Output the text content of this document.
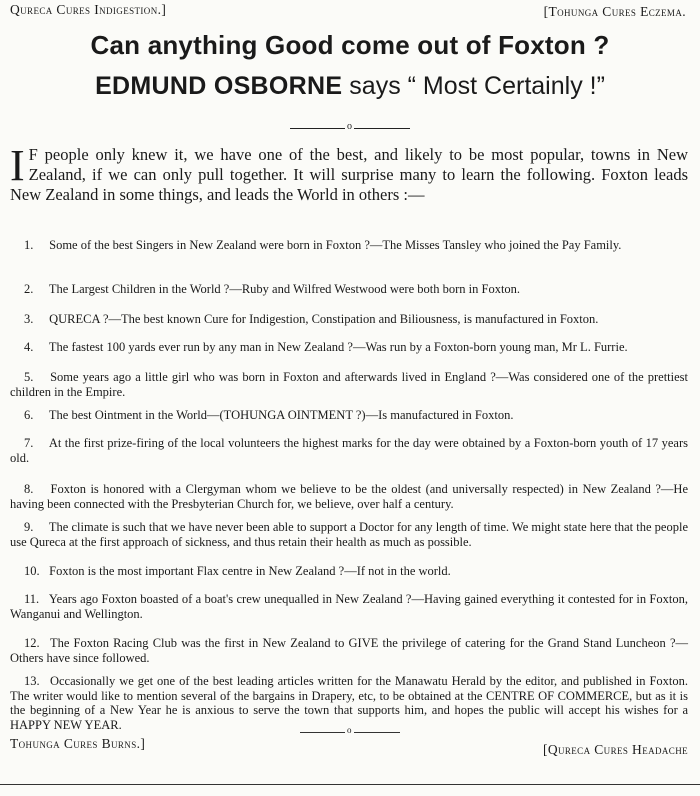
Qureca Cures Indigestion.]	[Tohunga Cures Eczema.
Can anything Good come out of Foxton ?
EDMUND OSBORNE says “ Most Certainly !”
o
I F people only knew it, we have one of the best, and likely to be most popular, towns in New Zealand, if we can only pull together. It will surprise many to learn the following. Foxton leads New Zealand in some things, and leads the World in others :—
1. Some of the best Singers in New Zealand were born in Foxton ?—The Misses Tansley who joined the Pay Family.
2. The Largest Children in the World ?—Ruby and Wilfred Westwood were both born in Foxton.
3. QURECA ?—The best known Cure for Indigestion, Constipation and Biliousness, is manufactured in Foxton.
4. The fastest 100 yards ever run by any man in New Zealand ?—Was run by a Foxton-born young man, Mr L. Furrie.
5. Some years ago a little girl who was born in Foxton and afterwards lived in England ?—Was considered one of the prettiest children in the Empire.
6. The best Ointment in the World—(TOHUNGA OINTMENT ?)—Is manufactured in Foxton.
7. At the first prize-firing of the local volunteers the highest marks for the day were obtained by a Foxton-born youth of 17 years old.
8. Foxton is honored with a Clergyman whom we believe to be the oldest (and universally respected) in New Zealand ?—He having been connected with the Presbyterian Church for, we believe, over half a century.
9. The climate is such that we have never been able to support a Doctor for any length of time. We might state here that the people use Qureca at the first approach of sickness, and thus retain their health as much as possible.
10. Foxton is the most important Flax centre in New Zealand ?—If not in the world.
11. Years ago Foxton boasted of a boat's crew unequalled in New Zealand ?—Having gained everything it contested for in Foxton, Wanganui and Wellington.
12. The Foxton Racing Club was the first in New Zealand to GIVE the privilege of catering for the Grand Stand Luncheon ?—Others have since followed.
13. Occasionally we get one of the best leading articles written for the Manawatu Herald by the editor, and published in Foxton. The writer would like to mention several of the bargains in Drapery, etc, to be obtained at the CENTRE OF COMMERCE, but as it is the beginning of a New Year he is anxious to serve the town that supports him, and hopes the public will accept his wishes for a HAPPY NEW YEAR.	o
Tohunga Cures Burns.]	[Qureca Cures Headache
